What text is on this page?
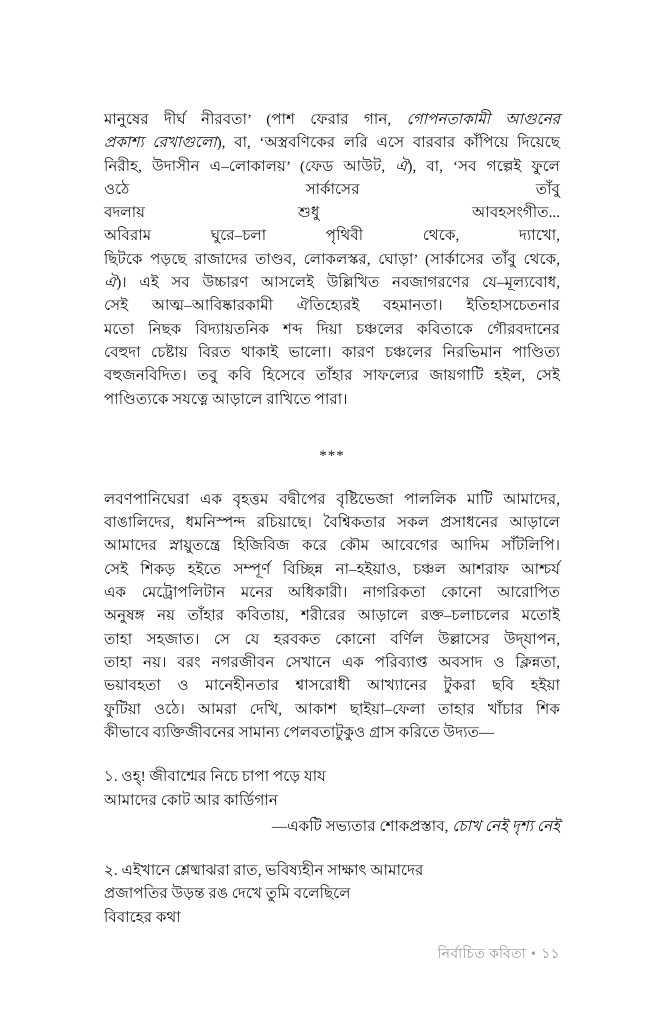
মানুষের দীর্ঘ নীরবতা’ (পাশ ফেরার গান, গোপনতাকামী আগুনের
প্রকাশ্য রেখাগুলো), বা, ‘অস্ত্রবণিকের লরি এসে বারবার কাঁপিয়ে দিয়েছে
নিরীহ, উদাসীন এ–লোকালয়’ (ফেড আউট, ঐ), বা, ‘সব গল্পেই ফুলে
ওঠে সার্কাসের তাঁবু
বদলায় শুধু আবহসংগীত...
অবিরাম ঘুরে–চলা পৃথিবী থেকে, দ্যাখো,
ছিটকে পড়ছে রাজাদের তাণ্ডব, লোকলস্কর, ঘোড়া’ (সার্কাসের তাঁবু থেকে,
ঐ)। এই সব উচ্চারণ আসলেই উল্লিখিত নবজাগরণের যে–মূল্যবোধ,
সেই আত্ম–আবিষ্কারকামী ঐতিহ্যেরই বহমানতা। ইতিহাসচেতনার
মতো নিছক বিদ্যায়তনিক শব্দ দিয়া চঞ্চলের কবিতাকে গৌরবদানের
বেহুদা চেষ্টায় বিরত থাকাই ভালো। কারণ চঞ্চলের নিরভিমান পাণ্ডিত্য
বহুজনবিদিত। তবু কবি হিসেবে তাঁহার সাফল্যের জায়গাটি হইল, সেই
পাণ্ডিত্যকে সযত্নে আড়ালে রাখিতে পারা।
***
লবণপানিঘেরা এক বৃহত্তম বদ্বীপের বৃষ্টিভেজা পাললিক মাটি আমাদের,
বাঙালিদের, ধমনিস্পন্দ রচিয়াছে। বৈশ্বিকতার সকল প্রসাধনের আড়ালে
আমাদের স্নায়ুতন্ত্রে হিজিবিজ করে কৌম আবেগের আদিম সাঁটলিপি।
সেই শিকড় হইতে সম্পূর্ণ বিচ্ছিন্ন না–হইয়াও, চঞ্চল আশরাফ আশ্চর্য
এক মেট্রোপলিটান মনের অধিকারী। নাগরিকতা কোনো আরোপিত
অনুষঙ্গ নয় তাঁহার কবিতায়, শরীরের আড়ালে রক্ত–চলাচলের মতোই
তাহা সহজাত। সে যে হরবকত কোনো বর্ণিল উল্লাসের উদ্‌যাপন,
তাহা নয়। বরং নগরজীবন সেখানে এক পরিব্যাপ্ত অবসাদ ও ক্লিন্নতা,
ভয়াবহতা ও মানেহীনতার শ্বাসরোধী আখ্যানের টুকরা ছবি হইয়া
ফুটিয়া ওঠে। আমরা দেখি, আকাশ ছাইয়া–ফেলা তাহার খাঁচার শিক
কীভাবে ব্যক্তিজীবনের সামান্য পেলবতাটুকুও গ্রাস করিতে উদ্যত—
১. ওহ্‌! জীবাশ্মের নিচে চাপা পড়ে যায
আমাদের কোট আর কার্ডিগান

—একটি সভ্যতার শোকপ্রস্তাব, চোখ নেই দৃশ্য নেই
২. এইখানে শ্লেষ্মাঝরা রাত, ভবিষ্যহীন সাক্ষাৎ আমাদের
প্রজাপতির উড়ন্ত রঙ দেখে তুমি বলেছিলে
বিবাহের কথা
নির্বাচিত কবিতা • ১১
